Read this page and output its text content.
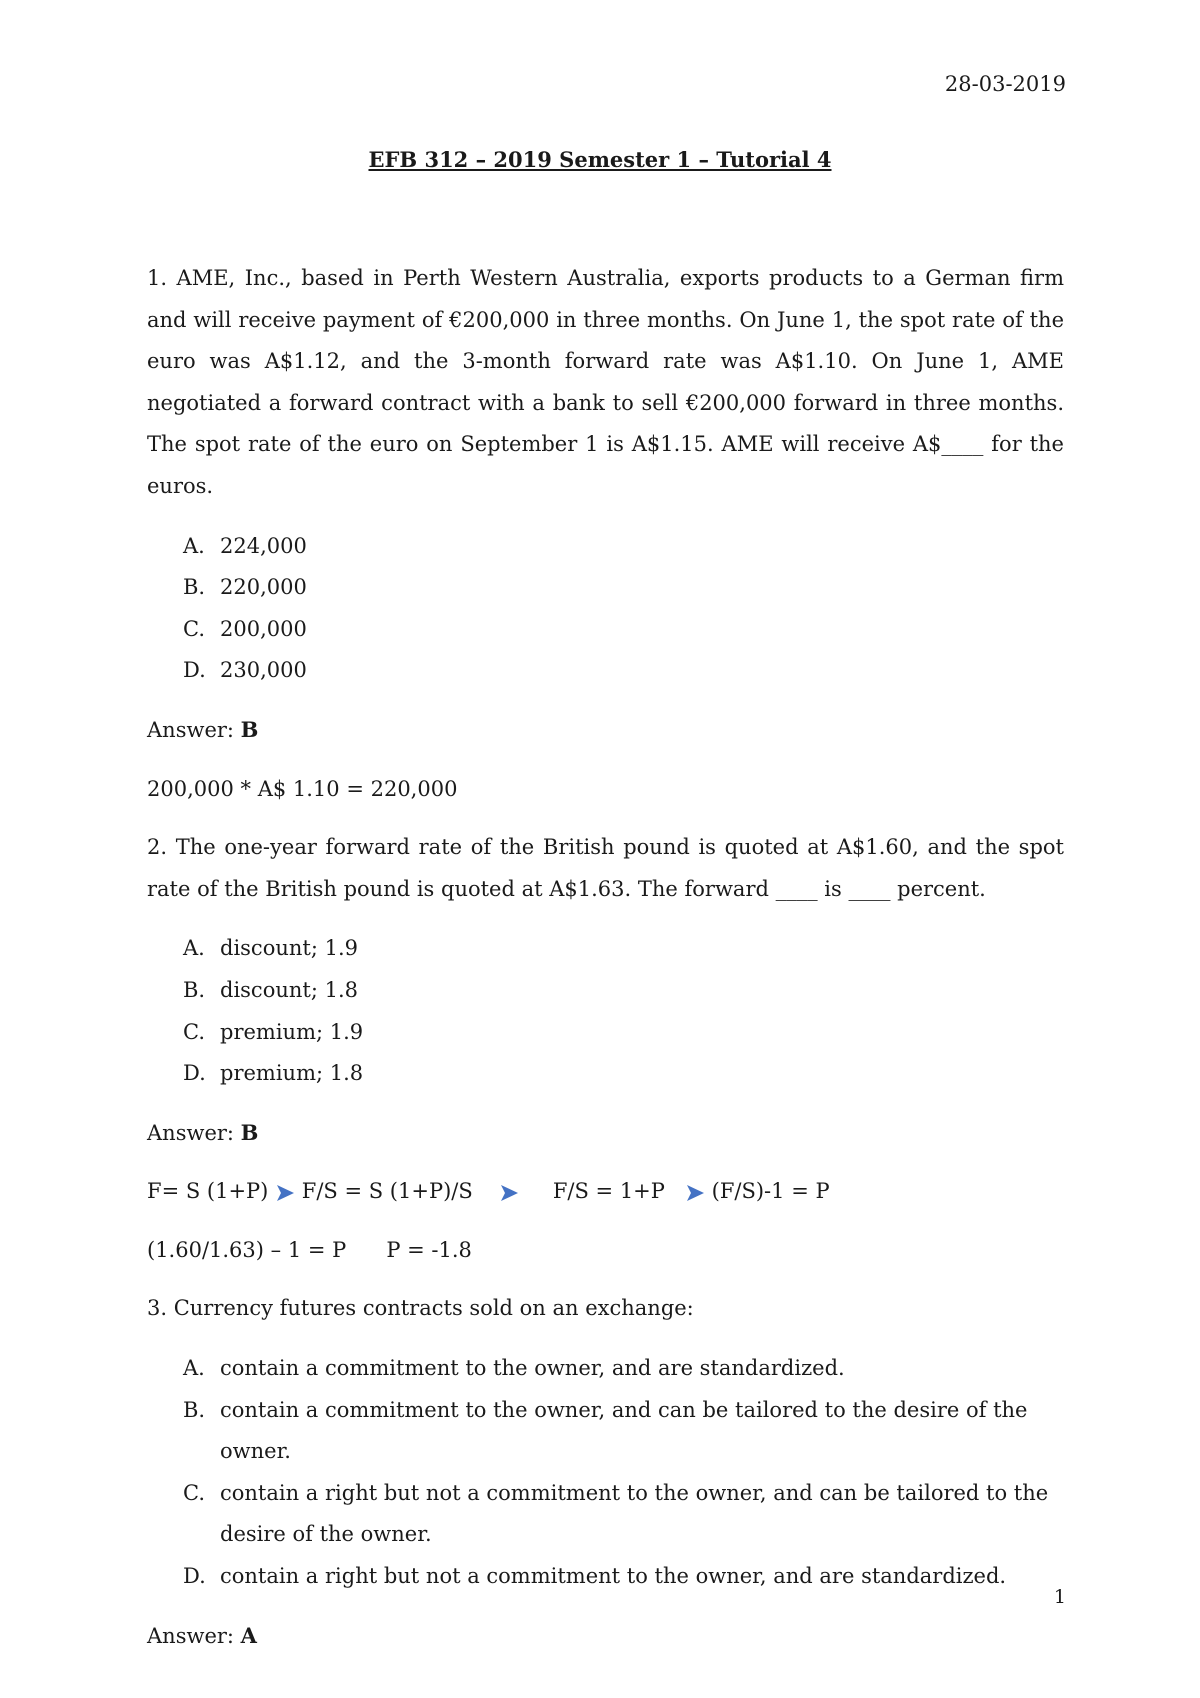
28-03-2019
EFB 312 – 2019 Semester 1 – Tutorial 4

1. AME, Inc., based in Perth Western Australia, exports products to a German firm and will receive payment of €200,000 in three months. On June 1, the spot rate of the euro was A$1.12, and the 3-month forward rate was A$1.10. On June 1, AME negotiated a forward contract with a bank to sell €200,000 forward in three months. The spot rate of the euro on September 1 is A$1.15. AME will receive A$____ for the euros.

A. 224,000
B. 220,000
C. 200,000
D. 230,000

Answer: B

200,000 * A$ 1.10 = 220,000

2. The one-year forward rate of the British pound is quoted at A$1.60, and the spot rate of the British pound is quoted at A$1.63. The forward ____ is ____ percent.

A. discount; 1.9
B. discount; 1.8
C. premium; 1.9
D. premium; 1.8

Answer: B

F= S (1+P) F/S = S (1+P)/S	F/S = 1+P (F/S)-1 = P

(1.60/1.63) – 1 = P P = -1.8

3. Currency futures contracts sold on an exchange:

A. contain a commitment to the owner, and are standardized.
B. contain a commitment to the owner, and can be tailored to the desire of the owner.
C. contain a right but not a commitment to the owner, and can be tailored to the desire of the owner.
D. contain a right but not a commitment to the owner, and are standardized.

Answer: A

1
